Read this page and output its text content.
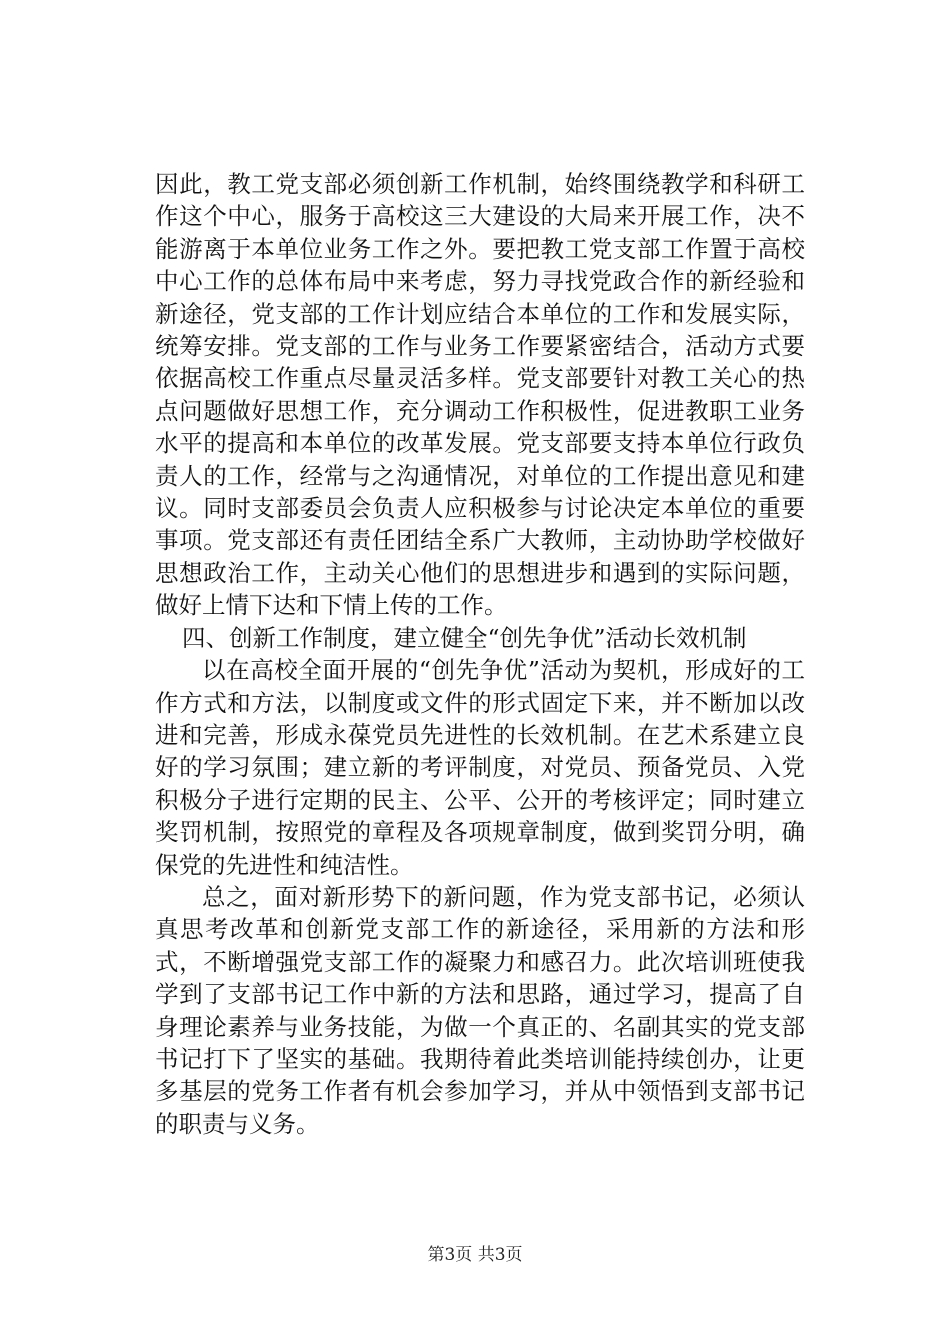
因此，教工党支部必须创新工作机制，始终围绕教学和科研工作这个中心，服务于高校这三大建设的大局来开展工作，决不能游离于本单位业务工作之外。要把教工党支部工作置于高校中心工作的总体布局中来考虑，努力寻找党政合作的新经验和新途径，党支部的工作计划应结合本单位的工作和发展实际，统筹安排。党支部的工作与业务工作要紧密结合，活动方式要依据高校工作重点尽量灵活多样。党支部要针对教工关心的热点问题做好思想工作，充分调动工作积极性，促进教职工业务水平的提高和本单位的改革发展。党支部要支持本单位行政负责人的工作，经常与之沟通情况，对单位的工作提出意见和建议。同时支部委员会负责人应积极参与讨论决定本单位的重要事项。党支部还有责任团结全系广大教师，主动协助学校做好思想政治工作，主动关心他们的思想进步和遇到的实际问题，做好上情下达和下情上传的工作。

四、创新工作制度，建立健全“创先争优”活动长效机制

以在高校全面开展的“创先争优”活动为契机，形成好的工作方式和方法，以制度或文件的形式固定下来，并不断加以改进和完善，形成永葆党员先进性的长效机制。在艺术系建立良好的学习氛围；建立新的考评制度，对党员、预备党员、入党积极分子进行定期的民主、公平、公开的考核评定；同时建立奖罚机制，按照党的章程及各项规章制度，做到奖罚分明，确保党的先进性和纯洁性。

总之，面对新形势下的新问题，作为党支部书记，必须认真思考改革和创新党支部工作的新途径，采用新的方法和形式，不断增强党支部工作的凝聚力和感召力。此次培训班使我学到了支部书记工作中新的方法和思路，通过学习，提高了自身理论素养与业务技能，为做一个真正的、名副其实的党支部书记打下了坚实的基础。我期待着此类培训能持续创办，让更多基层的党务工作者有机会参加学习，并从中领悟到支部书记的职责与义务。

第3页 共3页
